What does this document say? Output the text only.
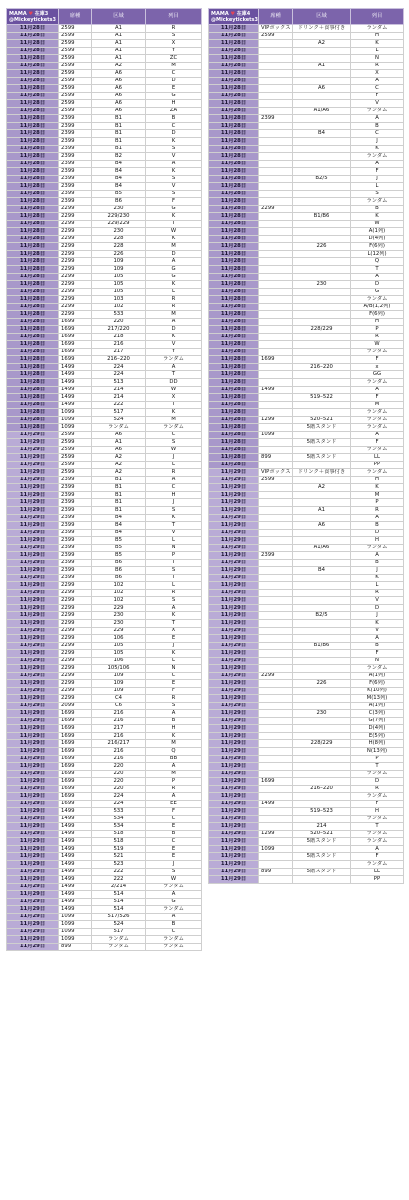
MAMA ♥ 在庫3
@Mickeytickets3	席種	区域	列目
11月28日	2599	A1	R
11月28日	2599	A1	S
11月28日	2599	A1	X
11月28日	2599	A1	Y
11月28日	2599	A1	ZC
11月28日	2599	A2	M
11月28日	2599	A6	C
11月28日	2599	A6	D
11月28日	2599	A6	E
11月28日	2599	A6	G
11月28日	2599	A6	H
11月28日	2599	A6	ZA
11月28日	2399	B1	B
11月28日	2399	B1	C
11月28日	2399	B1	D
11月28日	2399	B1	K
11月28日	2399	B1	S
11月28日	2399	B2	V
11月28日	2399	B4	A
11月28日	2399	B4	K
11月28日	2399	B4	S
11月28日	2399	B4	V
11月28日	2399	B5	S
11月28日	2399	B6	F
11月28日	2299	230	G
11月28日	2299	229/230	K
11月28日	2299	229/229	T
11月28日	2299	230	W
11月28日	2299	228	K
11月28日	2299	228	M
11月28日	2299	226	D
11月28日	2299	109	A
11月28日	2299	109	G
11月28日	2299	105	G
11月28日	2299	105	K
11月28日	2299	105	L
11月28日	2299	103	R
11月28日	2299	102	R
11月28日	2299	533	M
11月28日	1699	220	A
11月28日	1699	217/220	D
11月28日	1699	218	K
11月28日	1699	216	V
11月28日	1699	217	Y
11月28日	1699	216–220	ランダム
11月28日	1499	224	A
11月28日	1499	224	T
11月28日	1499	513	DD
11月28日	1499	214	W
11月28日	1499	214	X
11月28日	1499	222	T
11月28日	1099	517	K
11月28日	1099	524	M
11月28日	1099	ランダム	ランダム
11月29日	2599	A6	C
11月29日	2599	A1	S
11月29日	2599	A6	W
11月29日	2599	A2	J
11月29日	2599	A2	L
11月29日	2599	A2	R
11月29日	2399	B1	A
11月29日	2399	B1	C
11月29日	2399	B1	H
11月29日	2399	B1	J
11月29日	2399	B1	S
11月29日	2399	B4	K
11月29日	2399	B4	T
11月29日	2399	B4	V
11月29日	2399	B5	L
11月29日	2399	B5	N
11月29日	2399	B5	P
11月29日	2399	B6	T
11月29日	2399	B6	S
11月29日	2399	B6	T
11月29日	2299	102	L
11月29日	2299	102	R
11月29日	2299	102	S
11月29日	2299	229	A
11月29日	2299	230	K
11月29日	2299	230	T
11月29日	2299	229	X
11月29日	2299	106	E
11月29日	2299	105	J
11月29日	2299	105	K
11月29日	2299	106	L
11月29日	2299	105/106	N
11月29日	2299	109	C
11月29日	2299	109	E
11月29日	2299	109	F
11月29日	2299	C4	R
11月29日	2099	C6	S
11月29日	1699	216	A
11月29日	1699	216	B
11月29日	1699	217	H
11月29日	1699	216	K
11月29日	1699	216/217	M
11月29日	1699	216	Q
11月29日	1699	216	BB
11月29日	1699	220	A
11月29日	1699	220	M
11月29日	1699	220	P
11月29日	1699	220	R
11月29日	1699	224	A
11月29日	1699	224	EE
11月29日	1499	533	F
11月29日	1499	534	C
11月29日	1499	534	E
11月29日	1499	518	B
11月29日	1499	518	C
11月29日	1499	519	E
11月29日	1499	521	E
11月29日	1499	523	J
11月29日	1499	222	S
11月29日	1499	222	W
11月29日	1499	2/214	ランダム
11月29日	1499	514	A
11月29日	1499	514	G
11月29日	1499	514	ランダム
11月29日	1099	517/526	A
11月29日	1099	524	B
11月29日	1099	517	C
11月29日	1099	ランダム	ランダム
11月29日	899	ランダム	ランダム
MAMA ♥ 在庫4
@Mickeytickets3	席種	区域	列目
11月28日	VIPボックス	ドリンク＋食事付き	ランダム
11月28日	2599		H
11月28日		A2	K
11月28日			L
11月28日			N
11月28日		A1	R
11月28日			X
11月28日			A
11月28日		A6	C
11月28日			F
11月28日			V
11月28日		A1/A6	ランダム
11月28日	2399		A
11月28日			B
11月28日		B4	C
11月28日			J
11月28日			K
11月28日			ランダム
11月28日			A
11月28日			F
11月28日		B2/5	J
11月28日			L
11月28日			S
11月28日			ランダム
11月28日	2299		B
11月28日		B1/B6	K
11月28日			W
11月28日			A(1列)
11月28日			D(4列)
11月28日		226	F(6列)
11月28日			L(12列)
11月28日			Q
11月28日			T
11月28日			A
11月28日		230	D
11月28日			G
11月28日			ランダム
11月28日			A/B(1,2列)
11月28日			F(6列)
11月28日			H
11月28日		228/229	P
11月28日			R
11月28日			W
11月28日			ランダム
11月28日	1699		F
11月28日		216–220	x
11月28日			GG
11月28日			ランダム
11月28日	1499		A
11月28日		519–522	F
11月28日			M
11月28日			ランダム
11月28日	1299	520–521	ランダム
11月28日		5階スタンド	ランダム
11月28日	1099		A
11月28日		5階スタンド	F
11月28日			ランダム
11月28日	899	5階スタンド	LL
11月28日			PP
11月29日	VIPボックス	ドリンク＋食事付き	ランダム
11月29日	2599		H
11月29日		A2	K
11月29日			M
11月29日			P
11月29日		A1	R
11月29日			A
11月29日		A6	B
11月29日			D
11月29日			H
11月29日		A1/A6	ランダム
11月29日	2399		A
11月29日			B
11月29日		B4	J
11月29日			K
11月29日			L
11月29日			R
11月29日			V
11月29日			D
11月29日		B2/5	J
11月29日			K
11月29日			V
11月29日			A
11月29日		B1/B6	B
11月29日			F
11月29日			N
11月29日			ランダム
11月29日	2299		A(1列)
11月29日		226	F(6列)
11月29日			K(10列)
11月29日			M(13列)
11月29日			A(1列)
11月29日		230	C(3列)
11月29日			G(7列)
11月29日			D(4列)
11月29日			E(5列)
11月29日		228/229	H(8列)
11月29日			N(13列)
11月29日			P
11月29日			T
11月29日			ランダム
11月29日	1699		D
11月29日		216–220	R
11月29日			ランダム
11月29日	1499		F
11月29日		519–523	H
11月29日			ランダム
11月29日		214	T
11月29日	1299	520–521	ランダム
11月29日		5階スタンド	ランダム
11月29日	1099		A
11月29日		5階スタンド	F
11月29日			ランダム
11月29日	899	5階スタンド	LL
11月29日			PP
